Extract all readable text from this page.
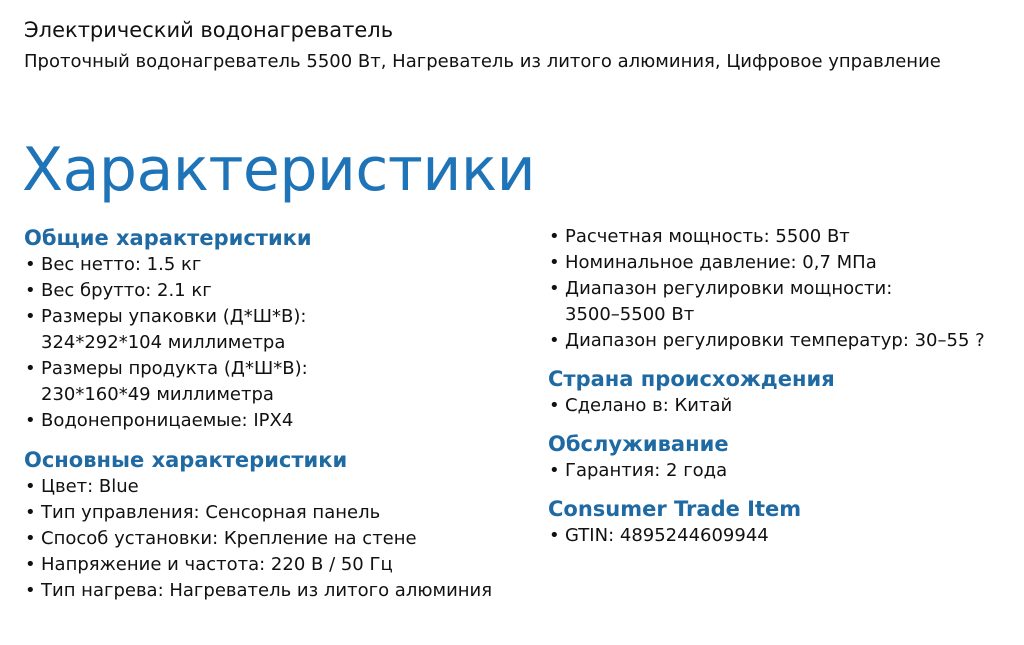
Электрический водонагреватель
Проточный водонагреватель 5500 Вт, Нагреватель из литого алюминия, Цифровое управление
Характеристики
Общие характеристики
• Вес нетто: 1.5 кг
• Вес брутто: 2.1 кг
• Размеры упаковки (Д*Ш*В):
324*292*104 миллиметра
• Размеры продукта (Д*Ш*В):
230*160*49 миллиметра
• Водонепроницаемые: IPX4
Основные характеристики
• Цвет: Blue
• Тип управления: Сенсорная панель
• Способ установки: Крепление на стене
• Напряжение и частота: 220 В / 50 Гц
• Тип нагрева: Нагреватель из литого алюминия
• Расчетная мощность: 5500 Вт
• Номинальное давление: 0,7 МПа
• Диапазон регулировки мощности:
3500–5500 Вт
• Диапазон регулировки температур: 30–55 ?
Страна происхождения
• Сделано в: Китай
Обслуживание
• Гарантия: 2 года
Consumer Trade Item
• GTIN: 4895244609944
